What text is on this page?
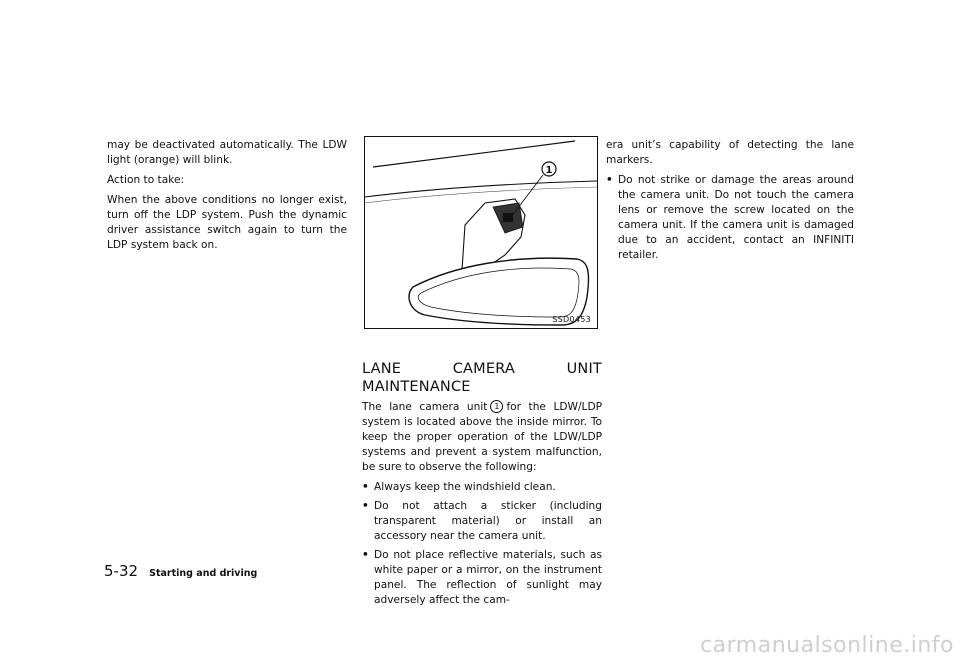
may be deactivated automatically. The LDW light (orange) will blink.

Action to take:

When the above conditions no longer exist, turn off the LDP system. Push the dynamic driver assistance switch again to turn the LDP system back on.

1
SSD0453
LANE CAMERA UNIT MAINTENANCE

The lane camera unit 1 for the LDW/LDP system is located above the inside mirror. To keep the proper operation of the LDW/LDP systems and prevent a system malfunction, be sure to observe the following:

• Always keep the windshield clean.
• Do not attach a sticker (including transparent material) or install an accessory near the camera unit.
• Do not place reflective materials, such as white paper or a mirror, on the instrument panel. The reflection of sunlight may adversely affect the cam-

era unit’s capability of detecting the lane markers.

• Do not strike or damage the areas around the camera unit. Do not touch the camera lens or remove the screw located on the camera unit. If the camera unit is damaged due to an accident, contact an INFINITI retailer.
5-32 Starting and driving
carmanualsonline.info
